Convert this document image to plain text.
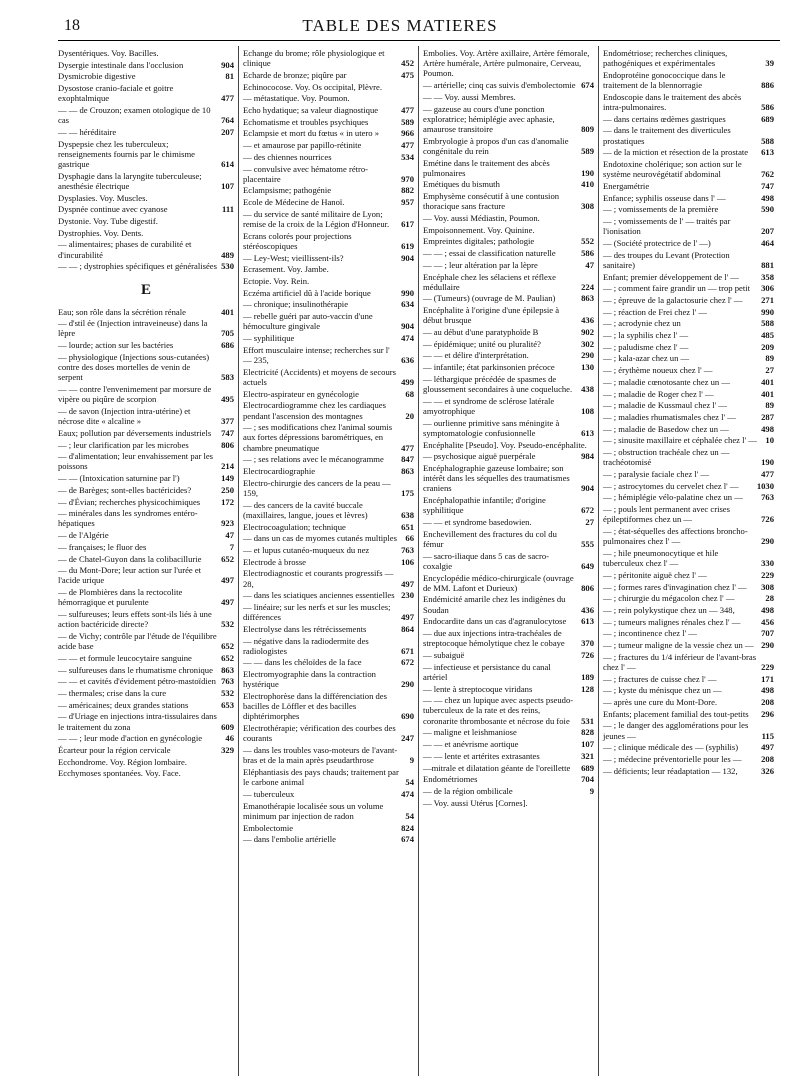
18	TABLE DES MATIERES
Dysentériques. Voy. Bacilles.
Dysergie intestinale dans l'occlusion	904
Dysmicrobie digestive	81
Dysostose cranio-faciale et goitre exophtalmique	477
— — de Crouzon; examen otologique de 10 cas	764
— — héréditaire	207
Dyspepsie chez les tuberculeux; renseignements fournis par le chimisme gastrique	614
Dysphagie dans la laryngite tuberculeuse; anesthésie électrique	107
Dysplasies. Voy. Muscles.
Dyspnée continue avec cyanose	111
Dystonie. Voy. Tube digestif.
Dystrophies. Voy. Dents.
— alimentaires; phases de curabilité et d'incurabilité	489
— — ; dystrophies spécifiques et généralisées 530
E
Eau; son rôle dans la sécrétion rénale	401
— d'stil ée (Injection intraveineuse) dans la lèpre	705
— lourde; action sur les bactéries	686
— physiologique (Injections sous-cutanées) contre des doses mortelles de venin de serpent	583
— — contre l'envenimement par morsure de vipère ou piqûre de scorpion	495
— de savon (Injection intra-utérine) et nécrose dite « alcaline »	377
Eaux; pollution par déversements industriels	747
— ; leur clarification par les microbes	806
— d'alimentation; leur envahissement par les poissons	214
— — (Intoxication saturnine par l')	149
— de Barèges; sont-elles bactéricides?	250
— d'Évian; recherches physicochimiques	172
— minérales dans les syndromes entéro-hépatiques	923
— de l'Algérie	47
— françaises; le fluor des	7
— de Chatel-Guyon dans la colibacillurie	652
— du Mont-Dore; leur action sur l'urée et l'acide urique	497
— de Plombières dans la rectocolite hémorragique et purulente	497
— sulfureuses; leurs effets sont-ils liés à une action bactéricide directe?	532
— de Vichy; contrôle par l'étude de l'équilibre acide base	652
— — et formule leucocytaire sanguine	652
— sulfureuses dans le rhumatisme chronique 863
— — et cavités d'évidement pétro-mastoïdien 763
— thermales; crise dans la cure	532
— américaines; deux grandes stations	653
— d'Uriage en injections intra-tissulaires dans le traitement du zona	609
— — ; leur mode d'action en gynécologie	46
Écarteur pour la région cervicale	329
Ecchondrome. Voy. Région lombaire.
Ecchymoses spontanées. Voy. Face.
Echange du brome; rôle physiologique et clinique	452
Echarde de bronze; piqûre par	475
Echinococose. Voy. Os occipital, Plèvre.
— métastatique. Voy. Poumon.
Echo hydatique; sa valeur diagnostique	477
Echomatisme et troubles psychiques	589
Eclampsie et mort du fœtus « in utero »	966
— et amaurose par papillo-rétinite	477
— des chiennes nourrices	534
— convulsive avec hématome rétro-placentaire	970
Eclampsisme; pathogénie	882
Ecole de Médecine de Hanoï.	957
— du service de santé militaire de Lyon; remise de la croix de la Légion d'Honneur.	617
Ecrans colorés pour projections stéréoscopiques	619
— Ley-West; vieillissent-ils?	904
Ecrasement. Voy. Jambe.
Ectopie. Voy. Rein.
Eczéma artificiel dû à l'acide borique	990
— chronique; insulinothérapie	634
— rebelle guéri par auto-vaccin d'une hémoculture gingivale	904
— syphilitique	474
Effort musculaire intense; recherches sur l' — 235,	636
Electricité (Accidents) et moyens de secours actuels	499
Electro-aspirateur en gynécologie	68
Electrocardiogramme chez les cardiaques pendant l'ascension des montagnes	20
— ; ses modifications chez l'animal soumis aux fortes dépressions barométriques, en chambre pneumatique	477
— ; ses relations avec le mécanogramme	847
Electrocardiographie	863
Electro-chirurgie des cancers de la peau — 159,	175
— des cancers de la cavité buccale (maxillaires, langue, joues et lèvres)	638
Electrocoagulation; technique	651
— dans un cas de myomes cutanés multiples 66
— et lupus cutanéo-muqueux du nez	763
Electrode à brosse	106
Electrodiagnostic et courants progressifs — 28,	497
— dans les sciatiques anciennes essentielles 230
— linéaire; sur les nerfs et sur les muscles; différences	497
Electrolyse dans les rétrécissements	864
— négative dans la radiodermite des radiologistes	671
— — dans les chéloïdes de la face	672
Electromyographie dans la contraction hystérique	290
Electrophorèse dans la différenciation des bacilles de Löffler et des bacilles diphtérimorphes	690
Electrothérapie; vérification des courbes des courants	247
— dans les troubles vaso-moteurs de l'avant-bras et de la main après pseudarthrose	9
Eléphantiasis des pays chauds; traitement par le carbone animal	54
— tuberculeux	474
Emanothérapie localisée sous un volume minimum par injection de radon	54
Embolectomie	824
— dans l'embolie artérielle	674
Embolies. Voy. Artère axillaire, Artère fémorale, Artère humérale, Artère pulmonaire, Cerveau, Poumon.
— artérielle; cinq cas suivis d'embolectomie 674
— — Voy. aussi Membres.
— gazeuse au cours d'une ponction exploratrice; hémiplégie avec aphasie, amaurose transitoire	809
Embryologie à propos d'un cas d'anomalie congénitale du rein	589
Emétine dans le traitement des abcès pulmonaires	190
Emétiques du bismuth	410
Emphysème consécutif à une contusion thoracique sans fracture	308
— Voy. aussi Médiastin, Poumon.
Empoisonnement. Voy. Quinine.
Empreintes digitales; pathologie	552
— — ; essai de classification naturelle	586
— — ; leur altération par la lèpre	47
Encéphale chez les sélaciens et réflexe médullaire	224
— (Tumeurs) (ouvrage de M. Paulian)	863
Encéphalite à l'origine d'une épilepsie à début brusque	436
— au début d'une paratyphoïde B	902
— épidémique; unité ou pluralité?	302
— — et délire d'interprétation.	290
— infantile; état parkinsonien précoce	130
— léthargique précédée de spasmes de gloussement secondaires à une coqueluche.	438
— — et syndrome de sclérose latérale amyotrophique	108
— ourlienne primitive sans méningite à symptomatologie confusionnelle	613
Encéphalite [Pseudo]. Voy. Pseudo-encéphalite.
— psychosique aiguë puerpérale	984
Encéphalographie gazeuse lombaire; son intérêt dans les séquelles des traumatismes craniens	904
Encéphalopathie infantile; d'origine syphilitique	672
— — et syndrome basedowien.	27
Enchevillement des fractures du col du fémur	555
— sacro-iliaque dans 5 cas de sacro-coxalgie	649
Encyclopédie médico-chirurgicale (ouvrage de MM. Lafont et Durieux)	806
Endémicité amarile chez les indigènes du Soudan	436
Endocardite dans un cas d'agranulocytose	613
— due aux injections intra-trachéales de streptocoque hémolytique chez le cobaye	370
— subaiguë	726
— infectieuse et persistance du canal artériel	189
— lente à streptocoque viridans	128
— — chez un lupique avec aspects pseudo-tuberculeux de la rate et des reins, coronarite thrombosante et nécrose du foie	531
— maligne et leishmaniose	828
— — et anévrisme aortique	107
— — lente et artérites extrasantes	321
—mitrale et dilatation géante de l'oreillette	689
Endométriomes	704
— de la région ombilicale	9
— Voy. aussi Utérus [Cornes].
Endométriose; recherches cliniques, pathogéniques et expérimentales	39
Endoprotéine gonococcique dans le traitement de la blennorragie	886
Endoscopie dans le traitement des abcès intra-pulmonaires.	586
— dans certains œdèmes gastriques	689
— dans le traitement des diverticules prostatiques	588
— de la miction et résection de la prostate	613
Endotoxine cholérique; son action sur le système neurovégétatif abdominal	762
Energamétrie	747
Enfance; syphilis osseuse dans l' —	498
— ; vomissements de la première	590
— ; vomissements de l' — traités par l'ionisation	207
— (Société protectrice de l' —)	464
— des troupes du Levant (Protection sanitaire)	881
Enfant; premier développement de l' —	358
— ; comment faire grandir un — trop petit	306
— ; épreuve de la galactosurie chez l' —	271
— ; réaction de Frei chez l' —	990
— ; acrodynie chez un	588
— ; la syphilis chez l' —	485
— ; paludisme chez l' —	209
— ; kala-azar chez un —	89
— ; érythème noueux chez l' —	27
— ; maladie cœnotosante chez un —	401
— ; maladie de Roger chez l' —	401
— ; maladie de Kussmaul chez l' —	89
— ; maladies rhumatismales chez l' —	287
— ; maladie de Basedow chez un —	498
— ; sinusite maxillaire et céphalée chez l' —	10
— ; obstruction trachéale chez un — trachéotomisé	190
— ; paralysie faciale chez l' —	477
— ; astrocytomes du cervelet chez l' —	1030
— ; hémiplégie vélo-palatine chez un —	763
— ; pouls lent permanent avec crises épileptiformes chez un —	726
— ; état-séquelles des affections broncho-pulmonaires chez l' —	290
— ; hile pneumonocytique et hile tuberculeux chez l' —	330
— ; péritonite aiguë chez l' —	229
— ; formes rares d'invagination chez l' —	308
— ; chirurgie du mégacolon chez l' —	28
— ; rein polykystique chez un — 348,	498
— ; tumeurs malignes rénales chez l' —	456
— ; incontinence chez l' —	707
— ; tumeur maligne de la vessie chez un — 290
— ; fractures du 1/4 inférieur de l'avant-bras chez l' —	229
— ; fractures de cuisse chez l' —	171
— ; kyste du ménisque chez un —	498
— après une cure du Mont-Dore.	208
Enfants; placement familial des tout-petits	296
— ; le danger des agglomérations pour les jeunes —	115
— ; clinique médicale des — (syphilis)	497
— ; médecine préventorielle pour les —	208
— déficients; leur réadaptation — 132,	326
